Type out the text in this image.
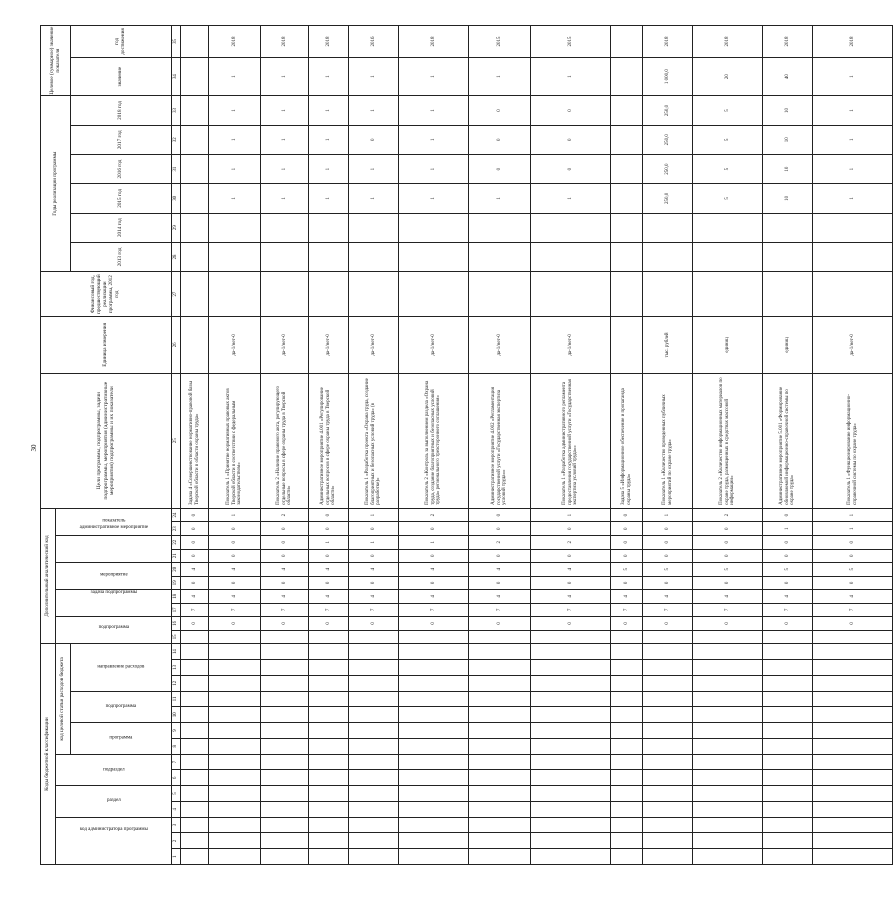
30
Коды бюджетной классификации														Дополнительный аналитический код										Цели программы, подпрограммы, задачи подпрограммы, мероприятия (административные мероприятия) подпрограммы и их показатели	Единица измерения	Финансовый год, предшествующий реализации программы, 2012 год	Годы реализации программы						Целевое (суммарное) значение показателя	
код администратора программы			раздел		подраздел		код целевой статьи расходов бюджета							подпрограмма		задача подпрограммы		мероприятие		административное мероприятие		показатель												
							программа		подпрограмма		направление расходов																2013 год	2014 год	2015 год	2016 год	2017 год	2018 год	значение	год достижения
1	2	3	4	5	6	7	8	9	10	11	12	13	14	15	16	17	18	19	20	21	22	23	24	25	26	27	28	29	30	31	32	33	34	35
															0	7	4	0	4	0	0	0	0	Задача 4 «Совершенствование нормативно-правовой базы Тверской области в области охраны труда»										
															0	7	4	0	4	0	0	0	1	Показатель 1 «Принятие нормативных правовых актов Тверской области в соответствии с федеральным законодательством»	да-1/нет-0				1	1	1	1	1	2018
															0	7	4	0	4	0	0	0	2	Показатель 2 «Наличие правового акта, регулирующего отдельные вопросы в сфере охраны труда в Тверской области»	да-1/нет-0				1	1	1	1	1	2018
															0	7	4	0	4	0	1	0	0	Административное мероприятие 4.001 «Регулирование отдельных вопросов в сфере охраны труда в Тверской области»	да-1/нет-0				1	1	1	1	1	2018
															0	7	4	0	4	0	1	0	1	Показатель 1 «Разработка проекта «Охрана труда, создание благоприятных и безопасных условий труда» (в разработке)»	да-1/нет-0				1	1	0	1	1	2016
															0	7	4	0	4	0	1	0	2	Показатель 2 «Контроль за выполнением раздела «Охрана труда, создание благоприятных и безопасных условий труда» регионального трехстороннего соглашения»	да-1/нет-0				1	1	1	1	1	2018
															0	7	4	0	4	0	2	0	0	Административное мероприятие 4.002 «Регламентация государственной услуги «Государственная экспертиза условий труда»»	да-1/нет-0				1	0	0	0	1	2015
															0	7	4	0	4	0	2	0	1	Показатель 1 «Разработка административного регламента предоставления государственной услуги «Государственная экспертиза условий труда»»	да-1/нет-0				1	0	0	0	1	2015
															0	7	4	0	5	0	0	0	0	Задача 5 «Информационное обеспечение и пропаганда охраны труда»										
															0	7	4	0	5	0	0	0	1	Показатель 1 «Количество проведенных публичных мероприятий по охране труда»	тыс. рублей				250,0	250,0	250,0	250,0	1 000,0	2018
															0	7	4	0	5	0	0	0	2	Показатель 2 «Количество информационных материалов по охране труда, размещенных в средствах массовой информации»	единиц				5	5	5	5	20	2018
															0	7	4	0	5	0	0	1	0	Административное мероприятие 5.001 «Формирование обновляемой информационно-справочной системы по охране труда»	единиц				10	10	10	10	40	2018
															0	7	4	0	5	0	0	1	1	Показатель 1 «Функционирование информационно-справочной системы по охране труда»	да-1/нет-0				1	1	1	1	1	2018
